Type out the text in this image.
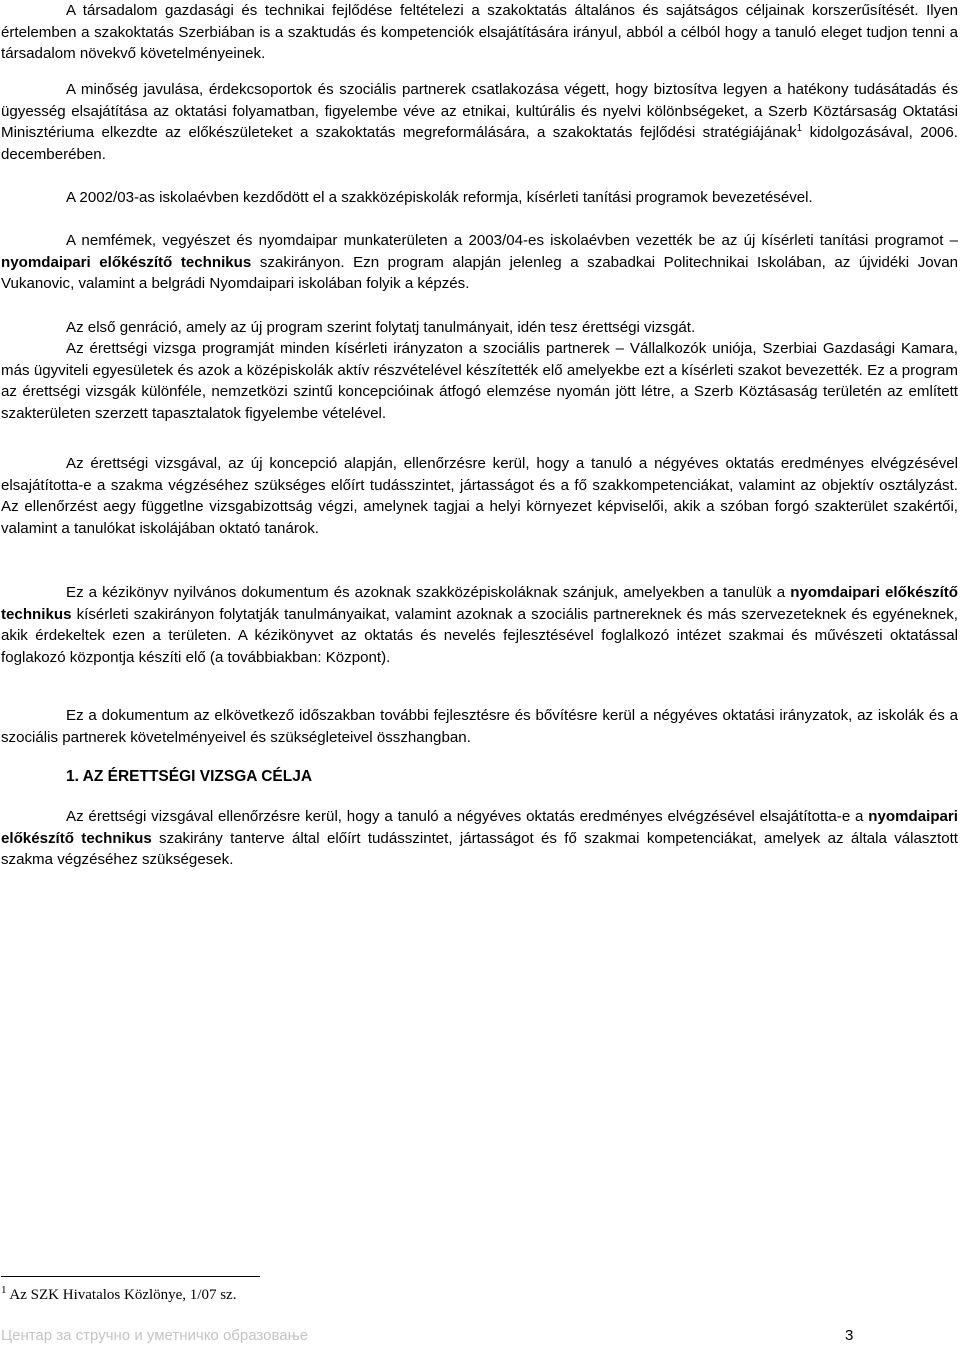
A társadalom gazdasági és technikai fejlődése feltételezi a szakoktatás általános és sajátságos céljainak korszerűsítését. Ilyen értelemben a szakoktatás Szerbiában is a szaktudás és kompetenciók elsajátítására irányul, abból a célból hogy a tanuló eleget tudjon tenni a társadalom növekvő követelményeinek.

A minőség javulása, érdekcsoportok és szociális partnerek csatlakozása végett, hogy biztosítva legyen a hatékony tudásátadás és ügyesség elsajátítása az oktatási folyamatban, figyelembe véve az etnikai, kultúrális és nyelvi kölönbségeket, a Szerb Köztársaság Oktatási Minisztériuma elkezdte az előkészületeket a szakoktatás megreformálására, a szakoktatás fejlődési stratégiájának$^1$ kidolgozásával, 2006. decemberében.

A 2002/03-as iskolaévben kezdődött el a szakközépiskolák reformja, kísérleti tanítási programok bevezetésével.

A nemfémek, vegyészet és nyomdaipar munkaterületen a 2003/04-es iskolaévben vezették be az új kísérleti tanítási programot – nyomdaipari előkészítő technikus szakirányon. Ezn program alapján jelenleg a szabadkai Politechnikai Iskolában, az újvidéki Jovan Vukanovic, valamint a belgrádi Nyomdaipari iskolában folyik a képzés.

Az első genráció, amely az új program szerint folytatj tanulmányait, idén tesz érettségi vizsgát.

Az érettségi vizsga programját minden kísérleti irányzaton a szociális partnerek – Vállalkozók uniója, Szerbiai Gazdasági Kamara, más ügyviteli egyesületek és azok a középiskolák aktív részvételével készítették elő amelyekbe ezt a kísérleti szakot bevezették. Ez a program az érettségi vizsgák különféle, nemzetközi szintű koncepcióinak átfogó elemzése nyomán jött létre, a Szerb Köztásaság területén az említett szakterületen szerzett tapasztalatok figyelembe vételével.

Az érettségi vizsgával, az új koncepció alapján, ellenőrzésre kerül, hogy a tanuló a négyéves oktatás eredményes elvégzésével elsajátította-e a szakma végzéséhez szükséges előírt tudásszintet, jártasságot és a fő szakkompetenciákat, valamint az objektív osztályzást. Az ellenőrzést aegy függetlne vizsgabizottság végzi, amelynek tagjai a helyi környezet képviselői, akik a szóban forgó szakterület szakértői, valamint a tanulókat iskolájában oktató tanárok.

Ez a kézikönyv nyilvános dokumentum és azoknak szakközépiskoláknak szánjuk, amelyekben a tanulük a nyomdaipari előkészítő technikus kísérleti szakirányon folytatják tanulmányaikat, valamint azoknak a szociális partnereknek és más szervezeteknek és egyéneknek, akik érdekeltek ezen a területen. A kézikönyvet az oktatás és nevelés fejlesztésével foglalkozó intézet szakmai és művészeti oktatással foglakozó központja készíti elő (a továbbiakban: Központ).

Ez a dokumentum az elkövetkező időszakban további fejlesztésre és bővítésre kerül a négyéves oktatási irányzatok, az iskolák és a szociális partnerek követelményeivel és szükségleteivel összhangban.

1. AZ ÉRETTSÉGI VIZSGA CÉLJA

Az érettségi vizsgával ellenőrzésre kerül, hogy a tanuló a négyéves oktatás eredményes elvégzésével elsajátította-e a nyomdaipari előkészítő technikus szakirány tanterve által előírt tudásszintet, jártasságot és fő szakmai kompetenciákat, amelyek az általa választott szakma végzéséhez szükségesek.

$^1$ Az SZK Hivatalos Közlönye, 1/07 sz.
Центар за стручно и уметничко образовање	3
